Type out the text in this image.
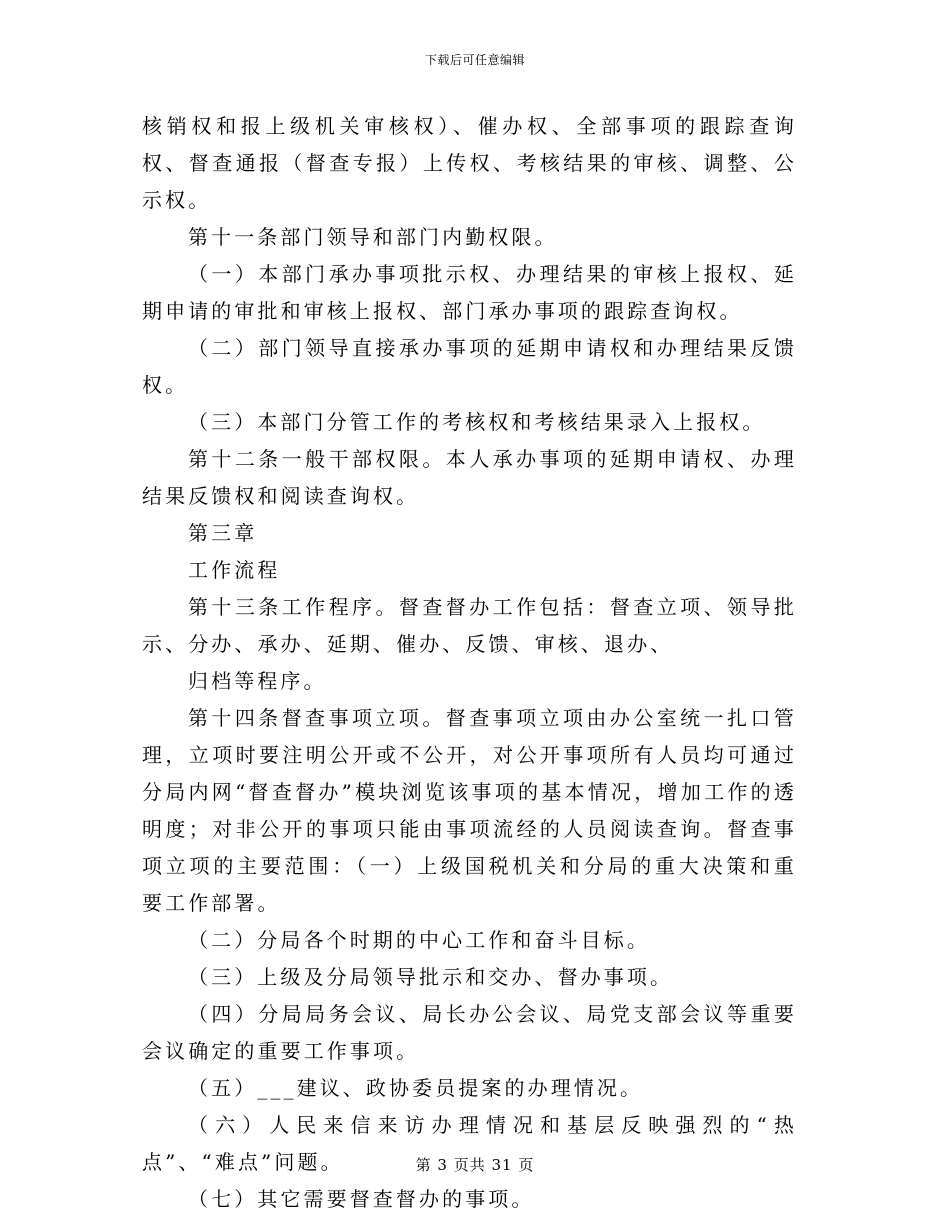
下载后可任意编辑

核销权和报上级机关审核权）、催办权、全部事项的跟踪查询权、督查通报（督查专报）上传权、考核结果的审核、调整、公示权。

第十一条部门领导和部门内勤权限。

（一）本部门承办事项批示权、办理结果的审核上报权、延期申请的审批和审核上报权、部门承办事项的跟踪查询权。

（二）部门领导直接承办事项的延期申请权和办理结果反馈权。

（三）本部门分管工作的考核权和考核结果录入上报权。

第十二条一般干部权限。本人承办事项的延期申请权、办理结果反馈权和阅读查询权。

第三章

工作流程

第十三条工作程序。督查督办工作包括：督查立项、领导批示、分办、承办、延期、催办、反馈、审核、退办、

归档等程序。

第十四条督查事项立项。督查事项立项由办公室统一扎口管理，立项时要注明公开或不公开，对公开事项所有人员均可通过分局内网“督查督办”模块浏览该事项的基本情况，增加工作的透明度；对非公开的事项只能由事项流经的人员阅读查询。督查事项立项的主要范围：（一）上级国税机关和分局的重大决策和重要工作部署。

（二）分局各个时期的中心工作和奋斗目标。

（三）上级及分局领导批示和交办、督办事项。

（四）分局局务会议、局长办公会议、局党支部会议等重要会议确定的重要工作事项。

（五）___建议、政协委员提案的办理情况。

（六）人民来信来访办理情况和基层反映强烈的“热点”、“难点”问题。

（七）其它需要督查督办的事项。

第 3 页共 31 页
